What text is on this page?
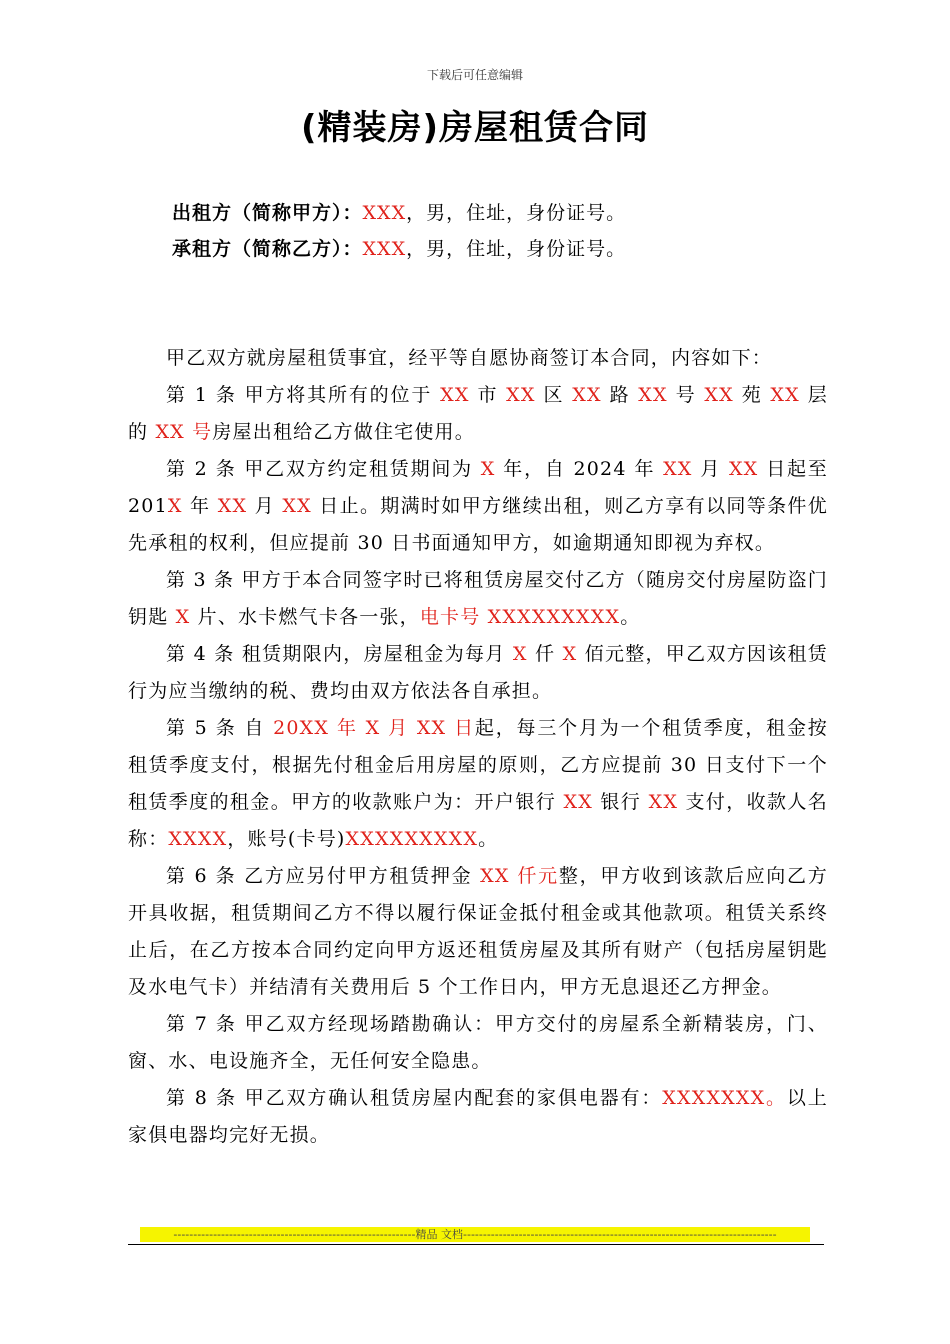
下载后可任意编辑
(精装房)房屋租赁合同
出租方（简称甲方）：XXX，男，住址，身份证号。
承租方（简称乙方）：XXX，男，住址，身份证号。

甲乙双方就房屋租赁事宜，经平等自愿协商签订本合同，内容如下：

第 1 条 甲方将其所有的位于 XX 市 XX 区 XX 路 XX 号 XX 苑 XX 层的 XX 号房屋出租给乙方做住宅使用。

第 2 条 甲乙双方约定租赁期间为 X 年，自 2024 年 XX 月 XX 日起至 201X 年 XX 月 XX 日止。期满时如甲方继续出租，则乙方享有以同等条件优先承租的权利，但应提前 30 日书面通知甲方，如逾期通知即视为弃权。

第 3 条 甲方于本合同签字时已将租赁房屋交付乙方（随房交付房屋防盗门钥匙 X 片、水卡燃气卡各一张，电卡号 XXXXXXXXX。

第 4 条 租赁期限内，房屋租金为每月 X 仟 X 佰元整，甲乙双方因该租赁行为应当缴纳的税、费均由双方依法各自承担。

第 5 条 自 20XX 年 X 月 XX 日起，每三个月为一个租赁季度，租金按租赁季度支付，根据先付租金后用房屋的原则，乙方应提前 30 日支付下一个租赁季度的租金。甲方的收款账户为：开户银行 XX 银行 XX 支付，收款人名称：XXXX，账号(卡号)XXXXXXXXX。

第 6 条 乙方应另付甲方租赁押金 XX 仟元整，甲方收到该款后应向乙方开具收据，租赁期间乙方不得以履行保证金抵付租金或其他款项。租赁关系终止后，在乙方按本合同约定向甲方返还租赁房屋及其所有财产（包括房屋钥匙及水电气卡）并结清有关费用后 5 个工作日内，甲方无息退还乙方押金。

第 7 条 甲乙双方经现场踏勘确认：甲方交付的房屋系全新精装房，门、窗、水、电设施齐全，无任何安全隐患。

第 8 条 甲乙双方确认租赁房屋内配套的家俱电器有：XXXXXXX。以上家俱电器均完好无损。

-------------------------------------------------------------精品 文档-------------------------------------------------------------------------------
